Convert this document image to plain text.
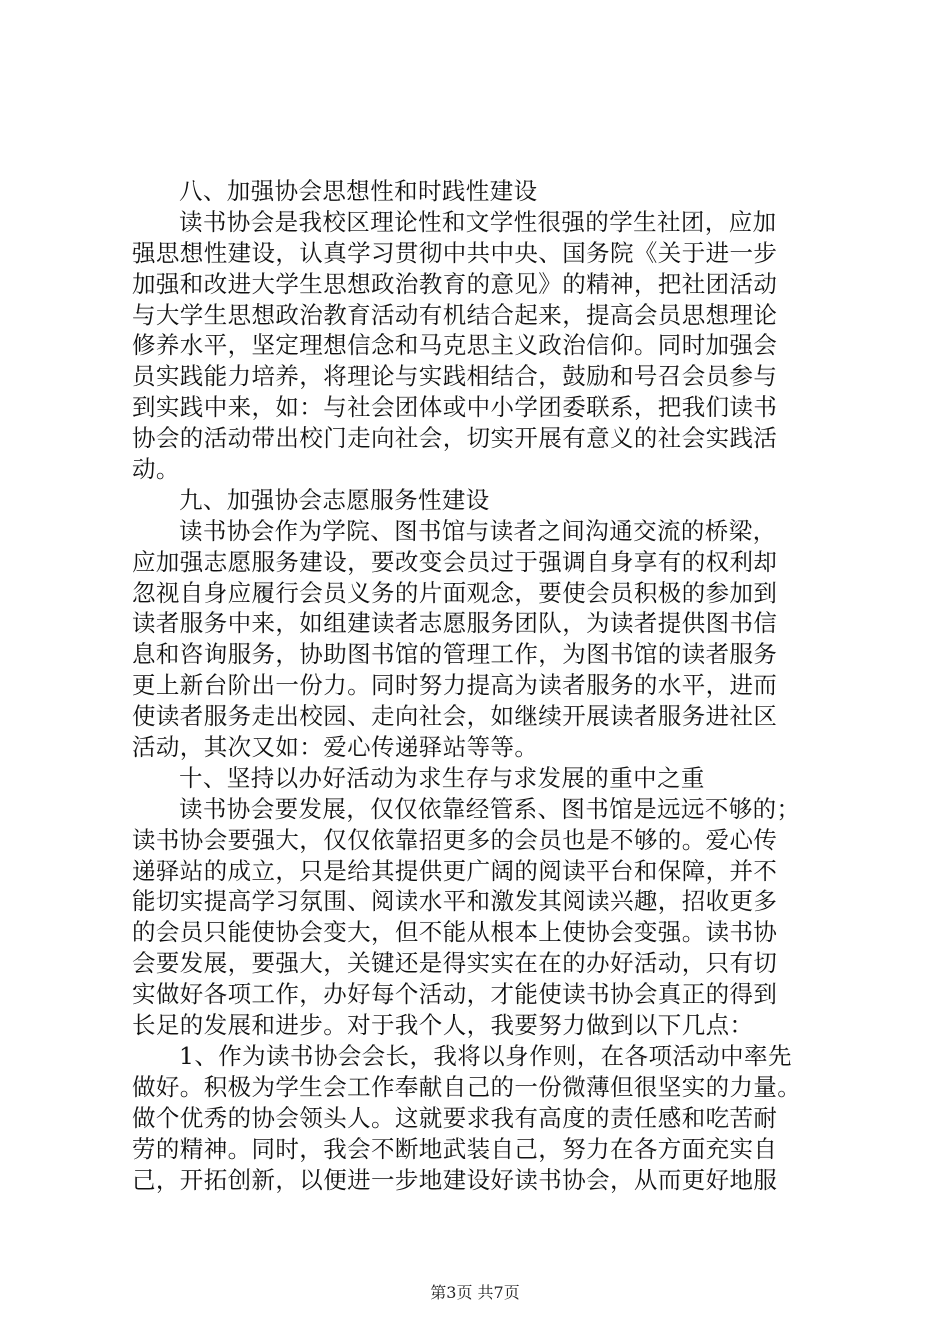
八、加强协会思想性和时践性建设
读书协会是我校区理论性和文学性很强的学生社团，应加
强思想性建设，认真学习贯彻中共中央、国务院《关于进一步
加强和改进大学生思想政治教育的意见》的精神，把社团活动
与大学生思想政治教育活动有机结合起来，提高会员思想理论
修养水平，坚定理想信念和马克思主义政治信仰。同时加强会
员实践能力培养，将理论与实践相结合，鼓励和号召会员参与
到实践中来，如：与社会团体或中小学团委联系，把我们读书
协会的活动带出校门走向社会，切实开展有意义的社会实践活
动。
九、加强协会志愿服务性建设
读书协会作为学院、图书馆与读者之间沟通交流的桥梁，
应加强志愿服务建设，要改变会员过于强调自身享有的权利却
忽视自身应履行会员义务的片面观念，要使会员积极的参加到
读者服务中来，如组建读者志愿服务团队，为读者提供图书信
息和咨询服务，协助图书馆的管理工作，为图书馆的读者服务
更上新台阶出一份力。同时努力提高为读者服务的水平，进而
使读者服务走出校园、走向社会，如继续开展读者服务进社区
活动，其次又如：爱心传递驿站等等。
十、坚持以办好活动为求生存与求发展的重中之重
读书协会要发展，仅仅依靠经管系、图书馆是远远不够的；
读书协会要强大，仅仅依靠招更多的会员也是不够的。爱心传
递驿站的成立，只是给其提供更广阔的阅读平台和保障，并不
能切实提高学习氛围、阅读水平和激发其阅读兴趣，招收更多
的会员只能使协会变大，但不能从根本上使协会变强。读书协
会要发展，要强大，关键还是得实实在在的办好活动，只有切
实做好各项工作，办好每个活动，才能使读书协会真正的得到
长足的发展和进步。对于我个人，我要努力做到以下几点：
1、作为读书协会会长，我将以身作则，在各项活动中率先
做好。积极为学生会工作奉献自己的一份微薄但很坚实的力量。
做个优秀的协会领头人。这就要求我有高度的责任感和吃苦耐
劳的精神。同时，我会不断地武装自己，努力在各方面充实自
己，开拓创新，以便进一步地建设好读书协会，从而更好地服
第3页 共7页
